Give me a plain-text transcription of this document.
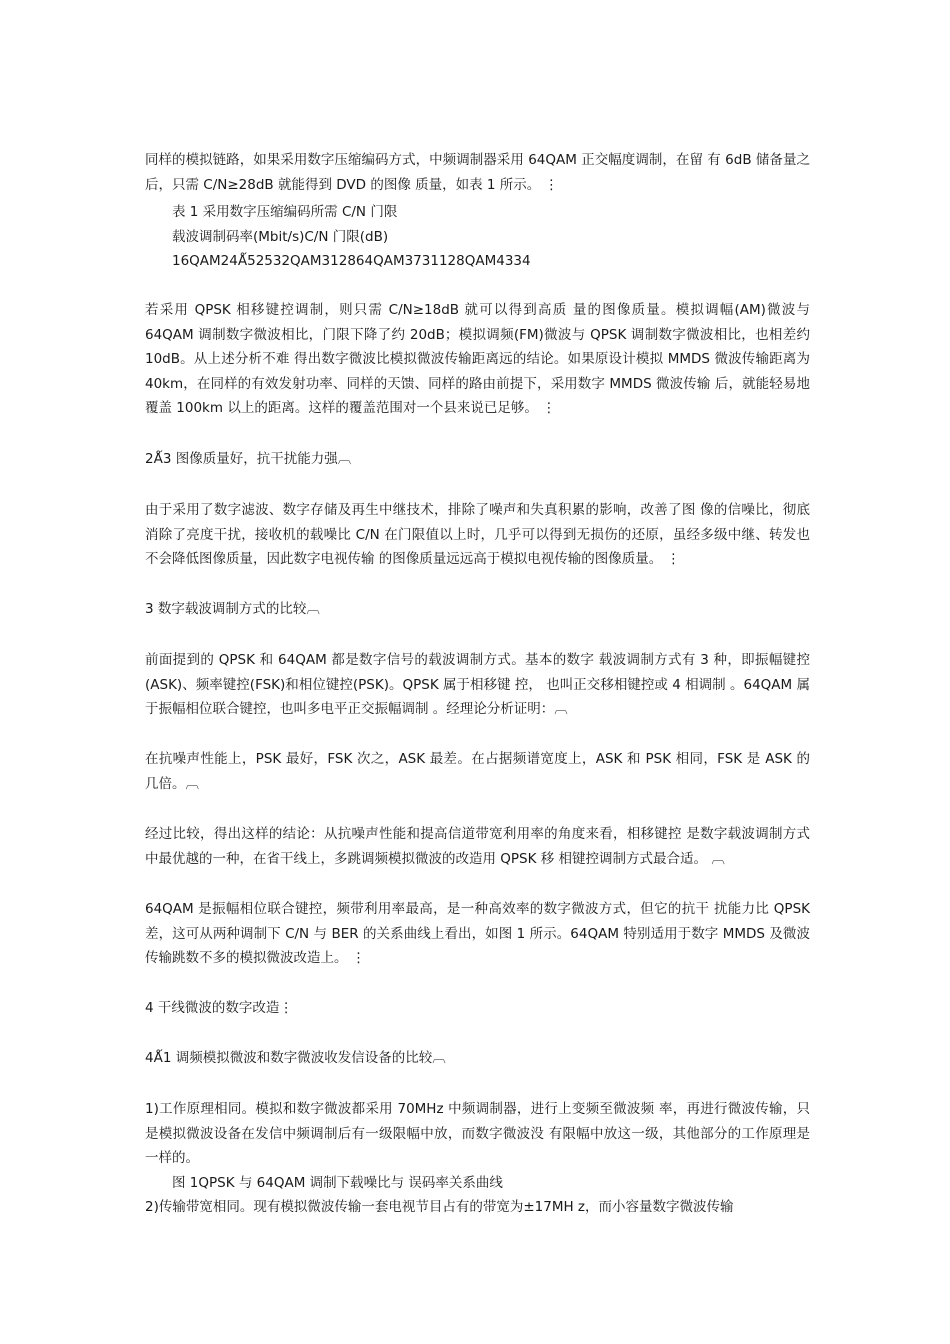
同样的模拟链路，如果采用数字压缩编码方式，中频调制器采用 64QAM 正交幅度调制，在留 有 6dB 储备量之后，只需 C/N≥28dB 就能得到 DVD 的图像 质量，如表 1 所示。 ⋮
表 1 采用数字压缩编码所需 C/N 门限
载波调制码率(Mbit/s)C/N 门限(dB)
16QAM24Ǻ52532QAM312864QAM3731128QAM4334
若采用 QPSK 相移键控调制，则只需 C/N≥18dB 就可以得到高质 量的图像质量。模拟调幅(AM)微波与 64QAM 调制数字微波相比，门限下降了约 20dB；模拟调频(FM)微波与 QPSK 调制数字微波相比，也相差约 10dB。从上述分析不难 得出数字微波比模拟微波传输距离远的结论。如果原设计模拟 MMDS 微波传输距离为 40km，在同样的有效发射功率、同样的天馈、同样的路由前提下，采用数字 MMDS 微波传输 后，就能轻易地覆盖 100km 以上的距离。这样的覆盖范围对一个县来说已足够。 ⋮
2Ǻ3 图像质量好，抗干扰能力强︹
由于采用了数字滤波、数字存储及再生中继技术，排除了噪声和失真积累的影响，改善了图 像的信噪比，彻底消除了亮度干扰，接收机的载噪比 C/N 在门限值以上时，几乎可以得到无损伤的还原，虽经多级中继、转发也不会降低图像质量，因此数字电视传输 的图像质量远远高于模拟电视传输的图像质量。 ⋮
3 数字载波调制方式的比较︹
前面提到的 QPSK 和 64QAM 都是数字信号的载波调制方式。基本的数字 载波调制方式有 3 种，即振幅键控(ASK)、频率键控(FSK)和相位键控(PSK)。QPSK 属于相移键 控， 也叫正交移相键控或 4 相调制 。64QAM 属于振幅相位联合键控，也叫多电平正交振幅调制 。经理论分析证明：︹
在抗噪声性能上，PSK 最好，FSK 次之，ASK 最差。在占据频谱宽度上，ASK 和 PSK 相同，FSK 是 ASK 的几倍。︹
经过比较，得出这样的结论：从抗噪声性能和提高信道带宽利用率的角度来看，相移键控 是数字载波调制方式中最优越的一种，在省干线上，多跳调频模拟微波的改造用 QPSK 移 相键控调制方式最合适。 ︹
64QAM 是振幅相位联合键控，频带利用率最高，是一种高效率的数字微波方式，但它的抗干 扰能力比 QPSK 差，这可从两种调制下 C/N 与 BER 的关系曲线上看出，如图 1 所示。64QAM 特别适用于数字 MMDS 及微波传输跳数不多的模拟微波改造上。 ⋮
4 干线微波的数字改造⋮
4Ǻ1 调频模拟微波和数字微波收发信设备的比较︹
1)工作原理相同。模拟和数字微波都采用 70MHz 中频调制器，进行上变频至微波频 率，再进行微波传输，只是模拟微波设备在发信中频调制后有一级限幅中放，而数字微波没 有限幅中放这一级，其他部分的工作原理是一样的。
图 1QPSK 与 64QAM 调制下载噪比与 误码率关系曲线
2)传输带宽相同。现有模拟微波传输一套电视节目占有的带宽为±17MH z，而小容量数字微波传输
